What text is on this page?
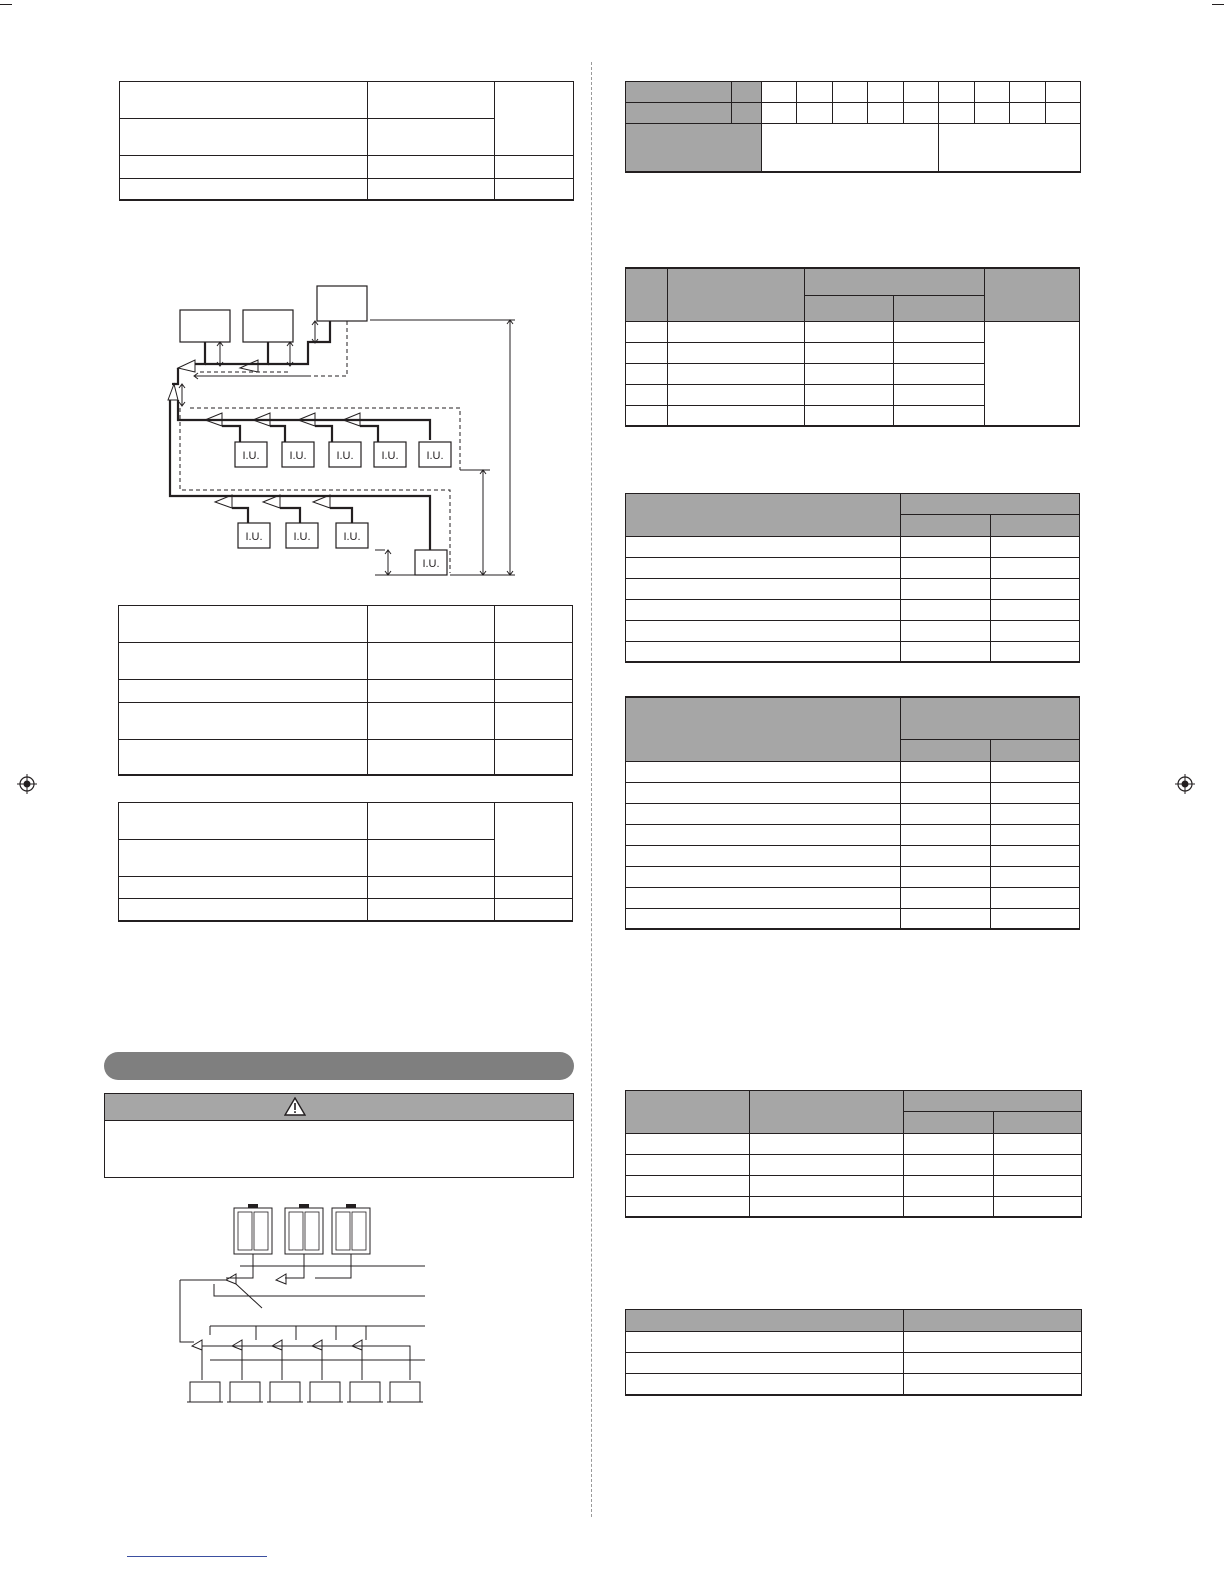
I.U.	I.U.	I.U.	I.U.	I.U.
I.U.	I.U.	I.U.
I.U.
